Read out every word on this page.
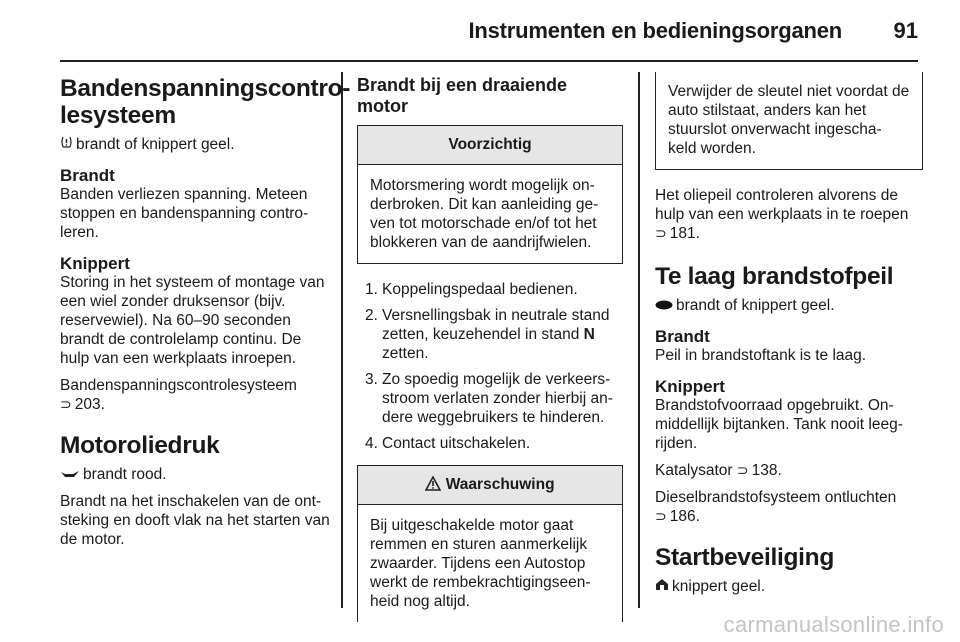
Instrumenten en bedieningsorganen 91
Bandenspanningscontro-
lesysteem

brandt of knippert geel.

Brandt

Banden verliezen spanning. Meteen stoppen en bandenspanning contro-leren.

Knippert

Storing in het systeem of montage van een wiel zonder druksensor (bijv. reservewiel). Na 60–90 seconden brandt de controlelamp continu. De hulp van een werkplaats inroepen.

Bandenspanningscontrolesysteem
⊃ 203.

Motoroliedruk

brandt rood.

Brandt na het inschakelen van de ont-steking en dooft vlak na het starten van de motor.

Brandt bij een draaiende motor
Voorzichtig
Motorsmering wordt mogelijk on-derbroken. Dit kan aanleiding ge-ven tot motorschade en/of tot het blokkeren van de aandrijfwielen.
1. Koppelingspedaal bedienen.
2. Versnellingsbak in neutrale stand zetten, keuzehendel in stand N zetten.
3. Zo spoedig mogelijk de verkeers-stroom verlaten zonder hierbij an-dere weggebruikers te hinderen.
4. Contact uitschakelen.
Waarschuwing
Bij uitgeschakelde motor gaat remmen en sturen aanmerkelijk zwaarder. Tijdens een Autostop werkt de rembekrachtigingseen-heid nog altijd.
Verwijder de sleutel niet voordat de auto stilstaat, anders kan het stuurslot onverwacht ingescha-keld worden.

Het oliepeil controleren alvorens de hulp van een werkplaats in te roepen
⊃ 181.

Te laag brandstofpeil

brandt of knippert geel.

Brandt

Peil in brandstoftank is te laag.

Knippert

Brandstofvoorraad opgebruikt. On-middellijk bijtanken. Tank nooit leeg-rijden.

Katalysator ⊃ 138.

Dieselbrandstofsysteem ontluchten
⊃ 186.

Startbeveiliging

knippert geel.

carmanualsonline.info
